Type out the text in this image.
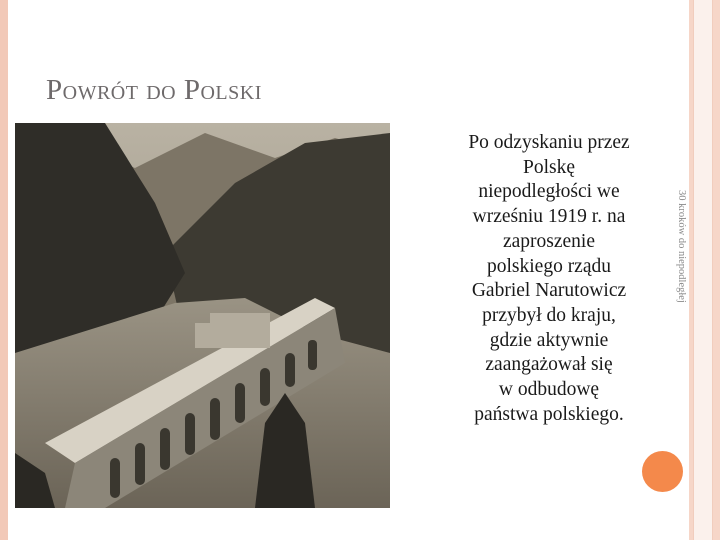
Powrót do Polski
Po odzyskaniu przez
Polskę
niepodległości we
wrześniu 1919 r. na
zaproszenie
polskiego rządu
Gabriel Narutowicz
przybył do kraju,
gdzie aktywnie
zaangażował się
w odbudowę
państwa polskiego.
30 kroków do niepodległej
